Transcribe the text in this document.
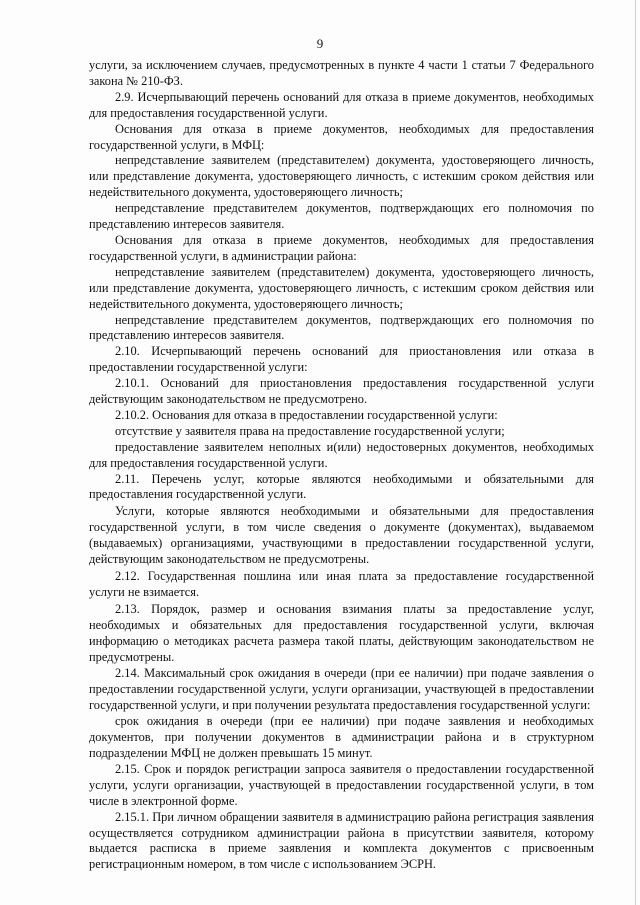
9

услуги, за исключением случаев, предусмотренных в пункте 4 части 1 статьи 7 Федерального закона № 210-ФЗ.

2.9. Исчерпывающий перечень оснований для отказа в приеме документов, необходимых для предоставления государственной услуги.

Основания для отказа в приеме документов, необходимых для предоставления государственной услуги, в МФЦ:

непредставление заявителем (представителем) документа, удостоверяющего личность, или представление документа, удостоверяющего личность, с истекшим сроком действия или недействительного документа, удостоверяющего личность;

непредставление представителем документов, подтверждающих его полномочия по представлению интересов заявителя.

Основания для отказа в приеме документов, необходимых для предоставления государственной услуги, в администрации района:

непредставление заявителем (представителем) документа, удостоверяющего личность, или представление документа, удостоверяющего личность, с истекшим сроком действия или недействительного документа, удостоверяющего личность;

непредставление представителем документов, подтверждающих его полномочия по представлению интересов заявителя.

2.10. Исчерпывающий перечень оснований для приостановления или отказа в предоставлении государственной услуги:

2.10.1. Оснований для приостановления предоставления государственной услуги действующим законодательством не предусмотрено.

2.10.2. Основания для отказа в предоставлении государственной услуги:

отсутствие у заявителя права на предоставление государственной услуги;

предоставление заявителем неполных и(или) недостоверных документов, необходимых для предоставления государственной услуги.

2.11. Перечень услуг, которые являются необходимыми и обязательными для предоставления государственной услуги.

Услуги, которые являются необходимыми и обязательными для предоставления государственной услуги, в том числе сведения о документе (документах), выдаваемом (выдаваемых) организациями, участвующими в предоставлении государственной услуги, действующим законодательством не предусмотрены.

2.12. Государственная пошлина или иная плата за предоставление государственной услуги не взимается.

2.13. Порядок, размер и основания взимания платы за предоставление услуг, необходимых и обязательных для предоставления государственной услуги, включая информацию о методиках расчета размера такой платы, действующим законодательством не предусмотрены.

2.14. Максимальный срок ожидания в очереди (при ее наличии) при подаче заявления о предоставлении государственной услуги, услуги организации, участвующей в предоставлении государственной услуги, и при получении результата предоставления государственной услуги:

срок ожидания в очереди (при ее наличии) при подаче заявления и необходимых документов, при получении документов в администрации района и в структурном подразделении МФЦ не должен превышать 15 минут.

2.15. Срок и порядок регистрации запроса заявителя о предоставлении государственной услуги, услуги организации, участвующей в предоставлении государственной услуги, в том числе в электронной форме.

2.15.1. При личном обращении заявителя в администрацию района регистрация заявления осуществляется сотрудником администрации района в присутствии заявителя, которому выдается расписка в приеме заявления и комплекта документов с присвоенным регистрационным номером, в том числе с использованием ЭСРН.
